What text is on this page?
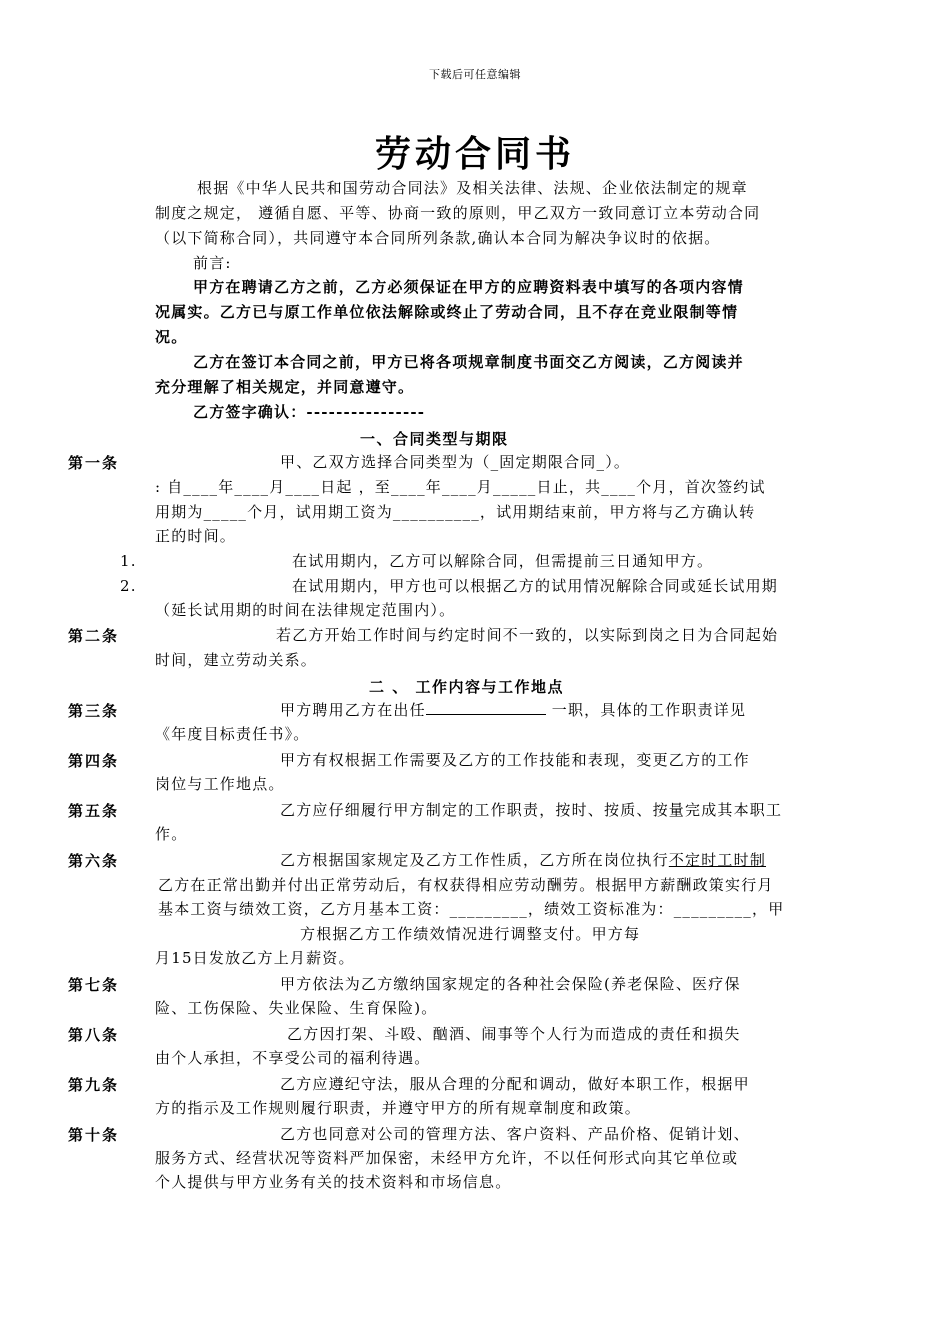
下载后可任意编辑
劳动合同书
根据《中华人民共和国劳动合同法》及相关法律、法规、企业依法制定的规章
制度之规定， 遵循自愿、平等、协商一致的原则，甲乙双方一致同意订立本劳动合同
（以下简称合同），共同遵守本合同所列条款,确认本合同为解决争议时的依据。
前言:
甲方在聘请乙方之前，乙方必须保证在甲方的应聘资料表中填写的各项内容情
况属实。乙方已与原工作单位依法解除或终止了劳动合同，且不存在竞业限制等情
况。
乙方在签订本合同之前，甲方已将各项规章制度书面交乙方阅读，乙方阅读并
充分理解了相关规定，并同意遵守。
乙方签字确认：----------------
一、合同类型与期限
第一条	甲、乙双方选择合同类型为（_固定期限合同_）。
: 自____年____月____日起 ，至____年____月_____日止，共____个月，首次签约试
用期为_____个月，试用期工资为__________，试用期结束前，甲方将与乙方确认转
正的时间。
1.	在试用期内，乙方可以解除合同，但需提前三日通知甲方。
2.	在试用期内，甲方也可以根据乙方的试用情况解除合同或延长试用期
（延长试用期的时间在法律规定范围内）。
第二条	若乙方开始工作时间与约定时间不一致的，以实际到岗之日为合同起始
时间，建立劳动关系。
二 、 工作内容与工作地点
第三条	甲方聘用乙方在出任	一职，具体的工作职责详见
《年度目标责任书》。
第四条	甲方有权根据工作需要及乙方的工作技能和表现，变更乙方的工作
岗位与工作地点。
第五条	乙方应仔细履行甲方制定的工作职责，按时、按质、按量完成其本职工
作。
第六条	乙方根据国家规定及乙方工作性质，乙方所在岗位执行不定时工时制
乙方在正常出勤并付出正常劳动后，有权获得相应劳动酬劳。根据甲方薪酬政策实行月
基本工资与绩效工资，乙方月基本工资：_________，绩效工资标准为：_________，甲
方根据乙方工作绩效情况进行调整支付。甲方每
月15日发放乙方上月薪资。
第七条	甲方依法为乙方缴纳国家规定的各种社会保险(养老保险、医疗保
险、工伤保险、失业保险、生育保险)。
第八条	乙方因打架、斗殴、酗酒、闹事等个人行为而造成的责任和损失
由个人承担，不享受公司的福利待遇。
第九条	乙方应遵纪守法，服从合理的分配和调动，做好本职工作，根据甲
方的指示及工作规则履行职责，并遵守甲方的所有规章制度和政策。
第十条	乙方也同意对公司的管理方法、客户资料、产品价格、促销计划、
服务方式、经营状况等资料严加保密，未经甲方允许，不以任何形式向其它单位或
个人提供与甲方业务有关的技术资料和市场信息。
